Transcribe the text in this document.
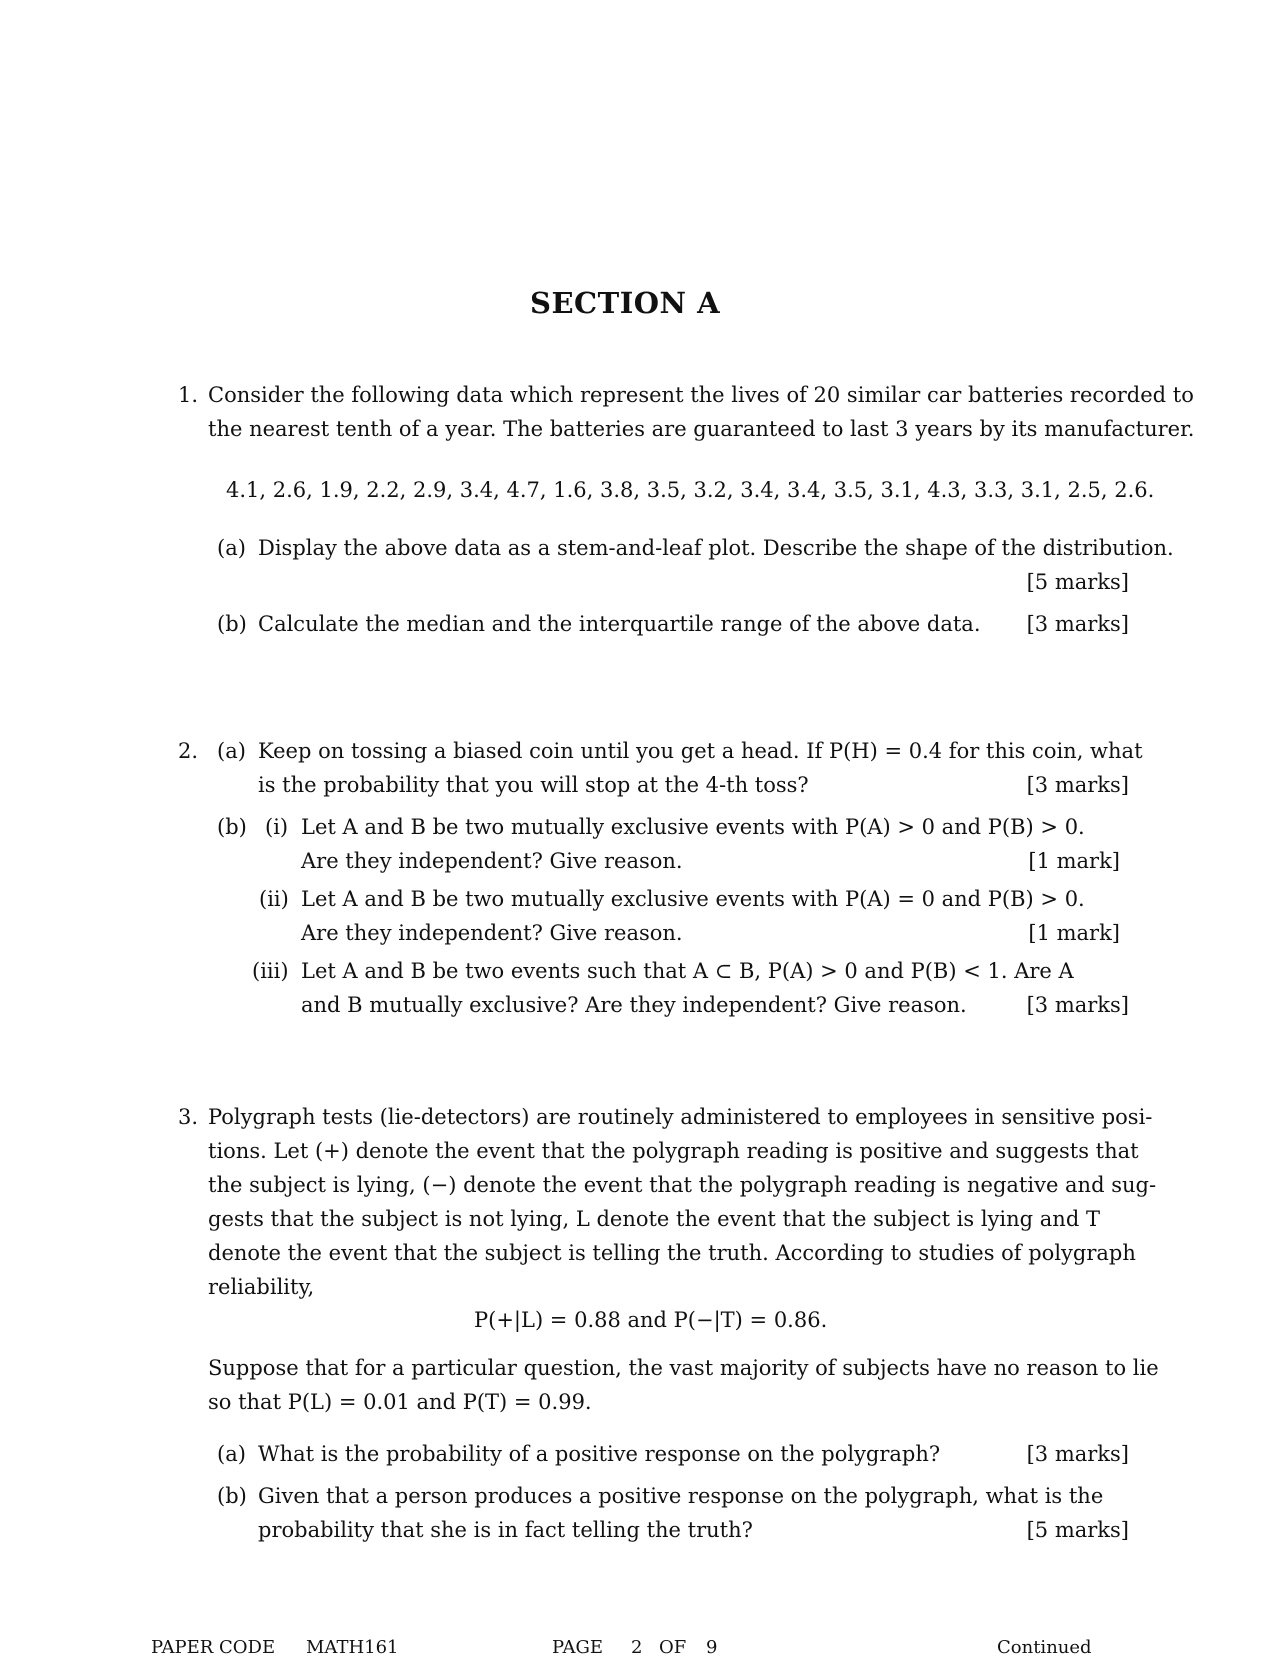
SECTION A
1. Consider the following data which represent the lives of 20 similar car batteries recorded to
the nearest tenth of a year. The batteries are guaranteed to last 3 years by its manufacturer.
4.1, 2.6, 1.9, 2.2, 2.9, 3.4, 4.7, 1.6, 3.8, 3.5, 3.2, 3.4, 3.4, 3.5, 3.1, 4.3, 3.3, 3.1, 2.5, 2.6.
(a) Display the above data as a stem-and-leaf plot. Describe the shape of the distribution.
[5 marks]
(b) Calculate the median and the interquartile range of the above data. [3 marks]
2. (a) Keep on tossing a biased coin until you get a head. If P(H) = 0.4 for this coin, what
is the probability that you will stop at the 4-th toss?	[3 marks]
(b) (i) Let A and B be two mutually exclusive events with P(A) > 0 and P(B) > 0.
Are they independent? Give reason.	[1 mark]
(ii) Let A and B be two mutually exclusive events with P(A) = 0 and P(B) > 0.
Are they independent? Give reason.	[1 mark]
(iii) Let A and B be two events such that A ⊂ B, P(A) > 0 and P(B) < 1. Are A
and B mutually exclusive? Are they independent? Give reason.	[3 marks]
3. Polygraph tests (lie-detectors) are routinely administered to employees in sensitive posi-
tions. Let (+) denote the event that the polygraph reading is positive and suggests that
the subject is lying, (−) denote the event that the polygraph reading is negative and sug-
gests that the subject is not lying, L denote the event that the subject is lying and T
denote the event that the subject is telling the truth. According to studies of polygraph
reliability,
P(+|L) = 0.88 and P(−|T) = 0.86.
Suppose that for a particular question, the vast majority of subjects have no reason to lie
so that P(L) = 0.01 and P(T) = 0.99.
(a) What is the probability of a positive response on the polygraph?	[3 marks]
(b) Given that a person produces a positive response on the polygraph, what is the
probability that she is in fact telling the truth?	[5 marks]
PAPER CODE MATH161	PAGE 2 OF 9	Continued
